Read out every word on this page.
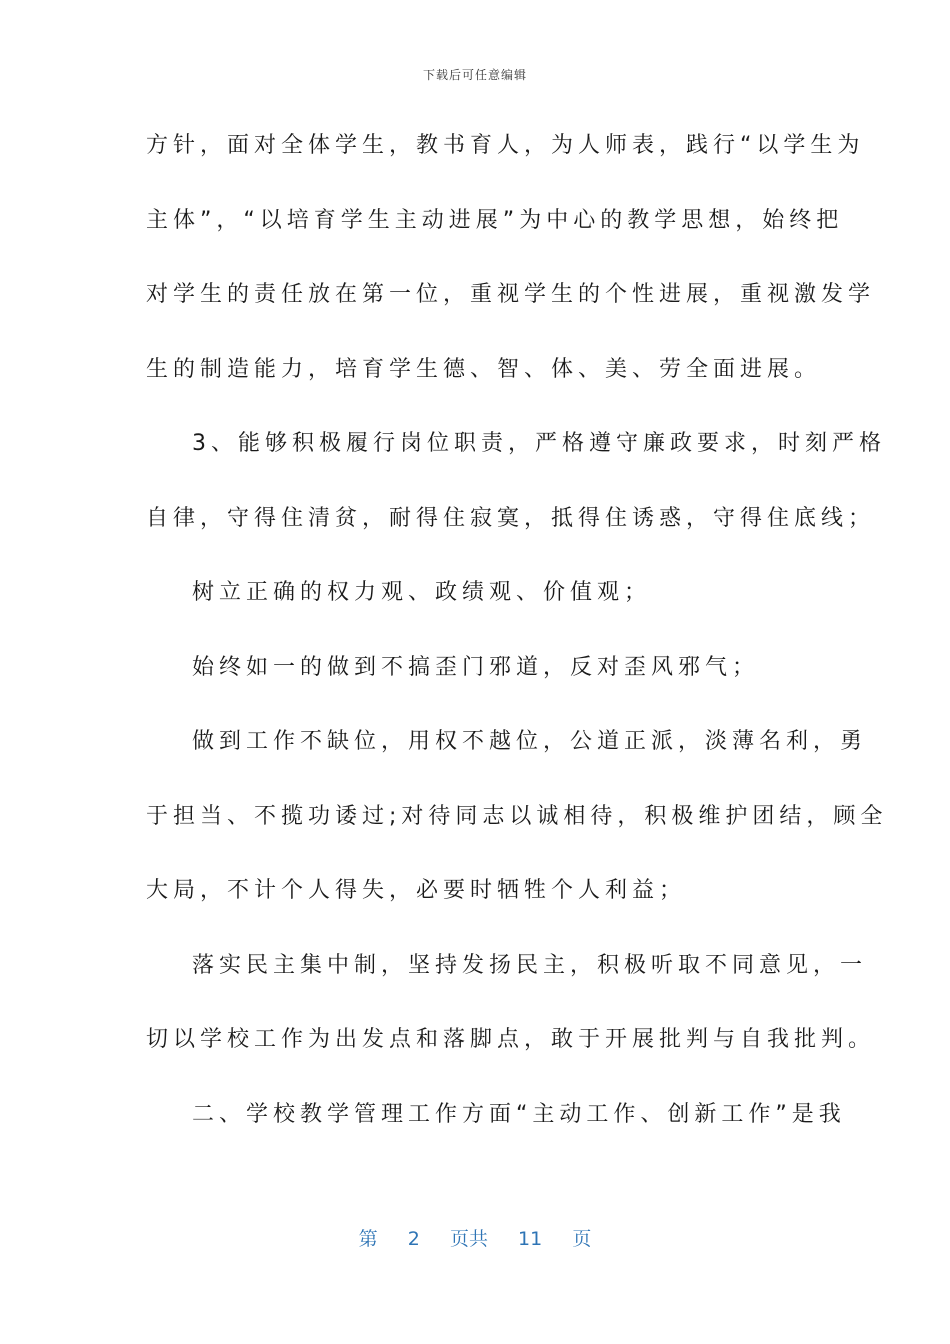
下载后可任意编辑
方针，面对全体学生，教书育人，为人师表，践行“以学生为
主体”，“以培育学生主动进展”为中心的教学思想，始终把
对学生的责任放在第一位，重视学生的个性进展，重视激发学
生的制造能力，培育学生德、智、体、美、劳全面进展。
3、能够积极履行岗位职责，严格遵守廉政要求，时刻严格
自律，守得住清贫，耐得住寂寞，抵得住诱惑，守得住底线；
树立正确的权力观、政绩观、价值观；
始终如一的做到不搞歪门邪道，反对歪风邪气；
做到工作不缺位，用权不越位，公道正派，淡薄名利，勇
于担当、不揽功诿过;对待同志以诚相待，积极维护团结，顾全
大局，不计个人得失，必要时牺牲个人利益；
落实民主集中制，坚持发扬民主，积极听取不同意见，一
切以学校工作为出发点和落脚点，敢于开展批判与自我批判。
二、学校教学管理工作方面“主动工作、创新工作”是我
第 2 页共 11 页
